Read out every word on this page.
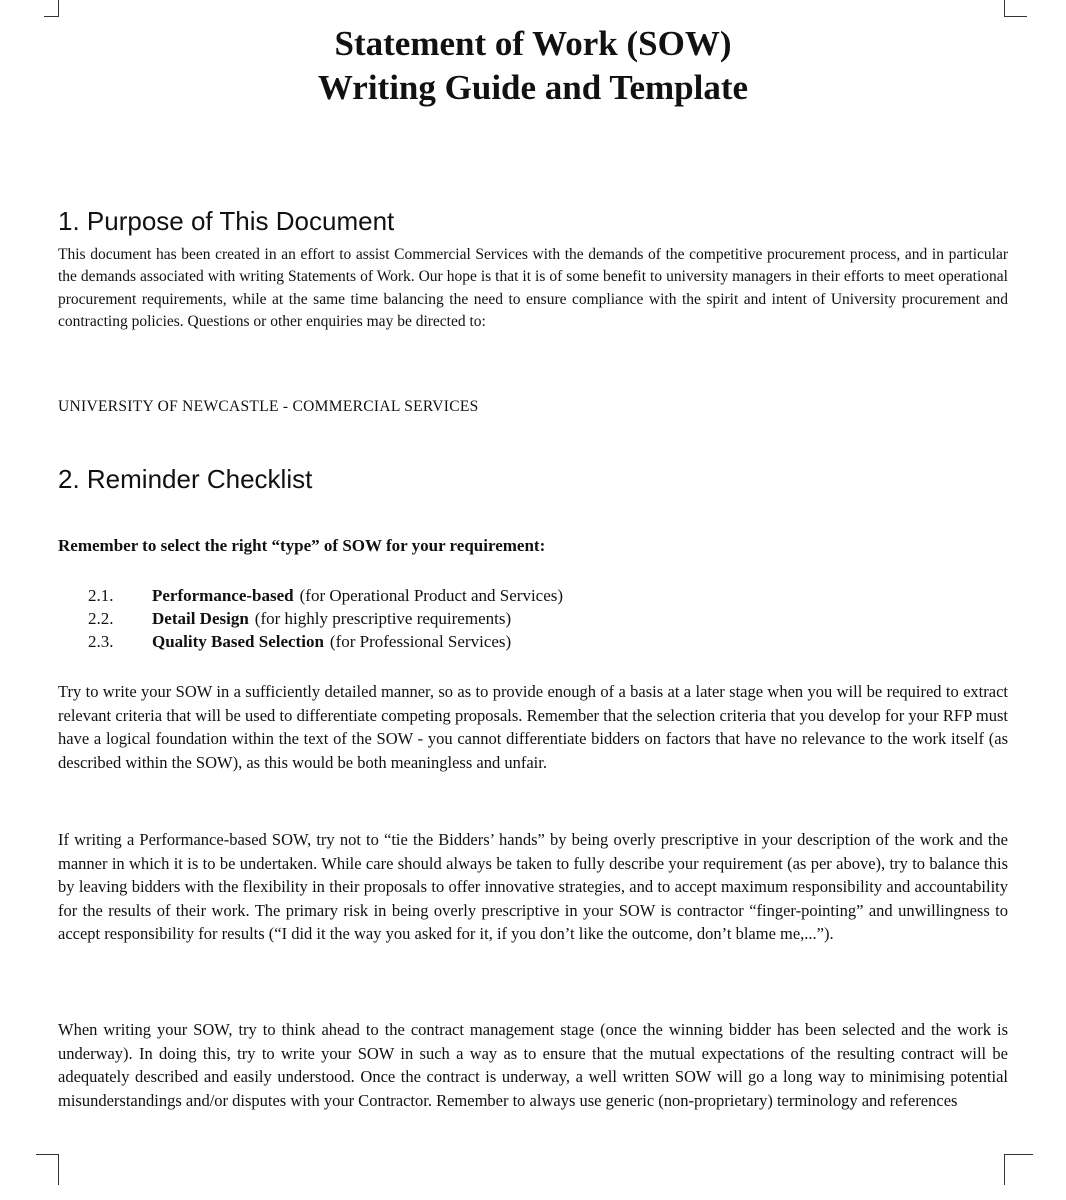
Statement of Work (SOW)
Writing Guide and Template
1. Purpose of This Document

This document has been created in an effort to assist Commercial Services with the demands of the competitive procurement process, and in particular the demands associated with writing Statements of Work. Our hope is that it is of some benefit to university managers in their efforts to meet operational procurement requirements, while at the same time balancing the need to ensure compliance with the spirit and intent of University procurement and contracting policies. Questions or other enquiries may be directed to:

UNIVERSITY OF NEWCASTLE - COMMERCIAL SERVICES

2. Reminder Checklist

Remember to select the right “type” of SOW for your requirement:

2.1.	Performance-based (for Operational Product and Services)
2.2.	Detail Design (for highly prescriptive requirements)
2.3.	Quality Based Selection (for Professional Services)

Try to write your SOW in a sufficiently detailed manner, so as to provide enough of a basis at a later stage when you will be required to extract relevant criteria that will be used to differentiate competing proposals. Remember that the selection criteria that you develop for your RFP must have a logical foundation within the text of the SOW - you cannot differentiate bidders on factors that have no relevance to the work itself (as described within the SOW), as this would be both meaningless and unfair.

If writing a Performance-based SOW, try not to “tie the Bidders’ hands” by being overly prescriptive in your description of the work and the manner in which it is to be undertaken. While care should always be taken to fully describe your requirement (as per above), try to balance this by leaving bidders with the flexibility in their proposals to offer innovative strategies, and to accept maximum responsibility and accountability for the results of their work. The primary risk in being overly prescriptive in your SOW is contractor “finger-pointing” and unwillingness to accept responsibility for results (“I did it the way you asked for it, if you don’t like the outcome, don’t blame me,...”).

When writing your SOW, try to think ahead to the contract management stage (once the winning bidder has been selected and the work is underway). In doing this, try to write your SOW in such a way as to ensure that the mutual expectations of the resulting contract will be adequately described and easily understood. Once the contract is underway, a well written SOW will go a long way to minimising potential misunderstandings and/or disputes with your Contractor. Remember to always use generic (non-proprietary) terminology and references
